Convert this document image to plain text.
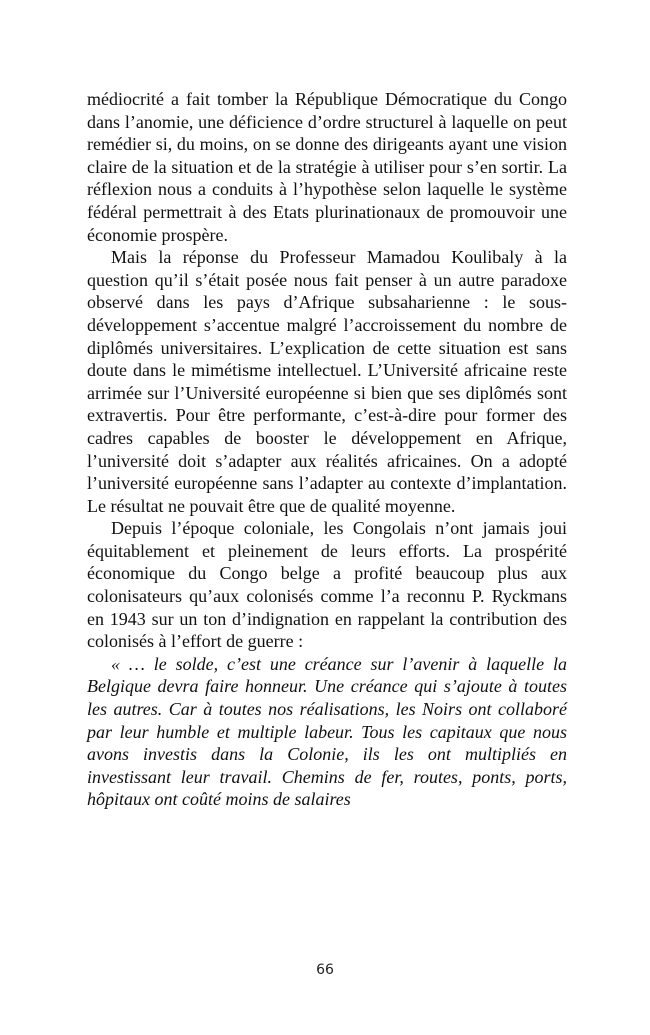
médiocrité a fait tomber la République Démocratique du Congo dans l’anomie, une déficience d’ordre structurel à laquelle on peut remédier si, du moins, on se donne des dirigeants ayant une vision claire de la situation et de la stratégie à utiliser pour s’en sortir. La réflexion nous a conduits à l’hypothèse selon laquelle le système fédéral permettrait à des Etats plurinationaux de promouvoir une économie prospère.

Mais la réponse du Professeur Mamadou Koulibaly à la question qu’il s’était posée nous fait penser à un autre paradoxe observé dans les pays d’Afrique subsaharienne : le sous-développement s’accentue malgré l’accroissement du nombre de diplômés universitaires. L’explication de cette situation est sans doute dans le mimétisme intellectuel. L’Université africaine reste arrimée sur l’Université européenne si bien que ses diplômés sont extravertis. Pour être performante, c’est-à-dire pour former des cadres capables de booster le développement en Afrique, l’université doit s’adapter aux réalités africaines. On a adopté l’université européenne sans l’adapter au contexte d’implantation. Le résultat ne pouvait être que de qualité moyenne.

Depuis l’époque coloniale, les Congolais n’ont jamais joui équitablement et pleinement de leurs efforts. La prospérité économique du Congo belge a profité beaucoup plus aux colonisateurs qu’aux colonisés comme l’a reconnu P. Ryckmans en 1943 sur un ton d’indignation en rappelant la contribution des colonisés à l’effort de guerre :

« … le solde, c’est une créance sur l’avenir à laquelle la Belgique devra faire honneur. Une créance qui s’ajoute à toutes les autres. Car à toutes nos réalisations, les Noirs ont collaboré par leur humble et multiple labeur. Tous les capitaux que nous avons investis dans la Colonie, ils les ont multipliés en investissant leur travail. Chemins de fer, routes, ponts, ports, hôpitaux ont coûté moins de salaires

66
